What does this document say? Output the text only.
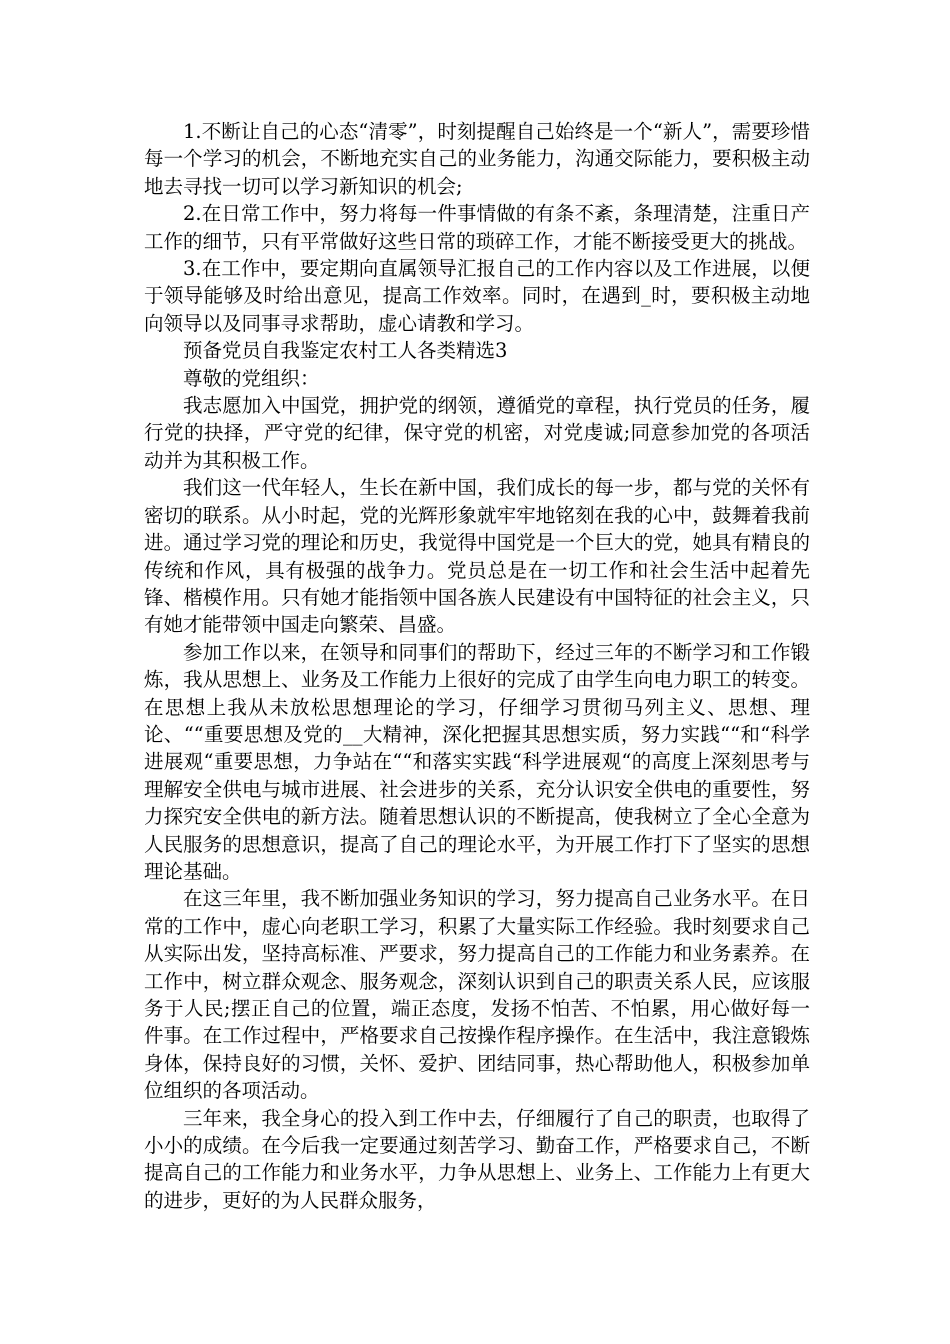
1.不断让自己的心态“清零”，时刻提醒自己始终是一个“新人”，需要珍惜每一个学习的机会，不断地充实自己的业务能力，沟通交际能力，要积极主动地去寻找一切可以学习新知识的机会;

2.在日常工作中，努力将每一件事情做的有条不紊，条理清楚，注重日产工作的细节，只有平常做好这些日常的琐碎工作，才能不断接受更大的挑战。

3.在工作中，要定期向直属领导汇报自己的工作内容以及工作进展，以便于领导能够及时给出意见，提高工作效率。同时，在遇到_时，要积极主动地向领导以及同事寻求帮助，虚心请教和学习。

预备党员自我鉴定农村工人各类精选3

尊敬的党组织：

我志愿加入中国党，拥护党的纲领，遵循党的章程，执行党员的任务，履行党的抉择，严守党的纪律，保守党的机密，对党虔诚;同意参加党的各项活动并为其积极工作。

我们这一代年轻人，生长在新中国，我们成长的每一步，都与党的关怀有密切的联系。从小时起，党的光辉形象就牢牢地铭刻在我的心中，鼓舞着我前进。通过学习党的理论和历史，我觉得中国党是一个巨大的党，她具有精良的传统和作风，具有极强的战争力。党员总是在一切工作和社会生活中起着先锋、楷模作用。只有她才能指领中国各族人民建设有中国特征的社会主义，只有她才能带领中国走向繁荣、昌盛。

参加工作以来，在领导和同事们的帮助下，经过三年的不断学习和工作锻炼，我从思想上、业务及工作能力上很好的完成了由学生向电力职工的转变。在思想上我从未放松思想理论的学习，仔细学习贯彻马列主义、思想、理论、““重要思想及党的__大精神，深化把握其思想实质，努力实践““和“科学进展观“重要思想，力争站在““和落实实践“科学进展观“的高度上深刻思考与理解安全供电与城市进展、社会进步的关系，充分认识安全供电的重要性，努力探究安全供电的新方法。随着思想认识的不断提高，使我树立了全心全意为人民服务的思想意识，提高了自己的理论水平，为开展工作打下了坚实的思想理论基础。

在这三年里，我不断加强业务知识的学习，努力提高自己业务水平。在日常的工作中，虚心向老职工学习，积累了大量实际工作经验。我时刻要求自己从实际出发，坚持高标准、严要求，努力提高自己的工作能力和业务素养。在工作中，树立群众观念、服务观念，深刻认识到自己的职责关系人民，应该服务于人民;摆正自己的位置，端正态度，发扬不怕苦、不怕累，用心做好每一件事。在工作过程中，严格要求自己按操作程序操作。在生活中，我注意锻炼身体，保持良好的习惯，关怀、爱护、团结同事，热心帮助他人，积极参加单位组织的各项活动。

三年来，我全身心的投入到工作中去，仔细履行了自己的职责，也取得了小小的成绩。在今后我一定要通过刻苦学习、勤奋工作，严格要求自己，不断提高自己的工作能力和业务水平，力争从思想上、业务上、工作能力上有更大的进步，更好的为人民群众服务，
